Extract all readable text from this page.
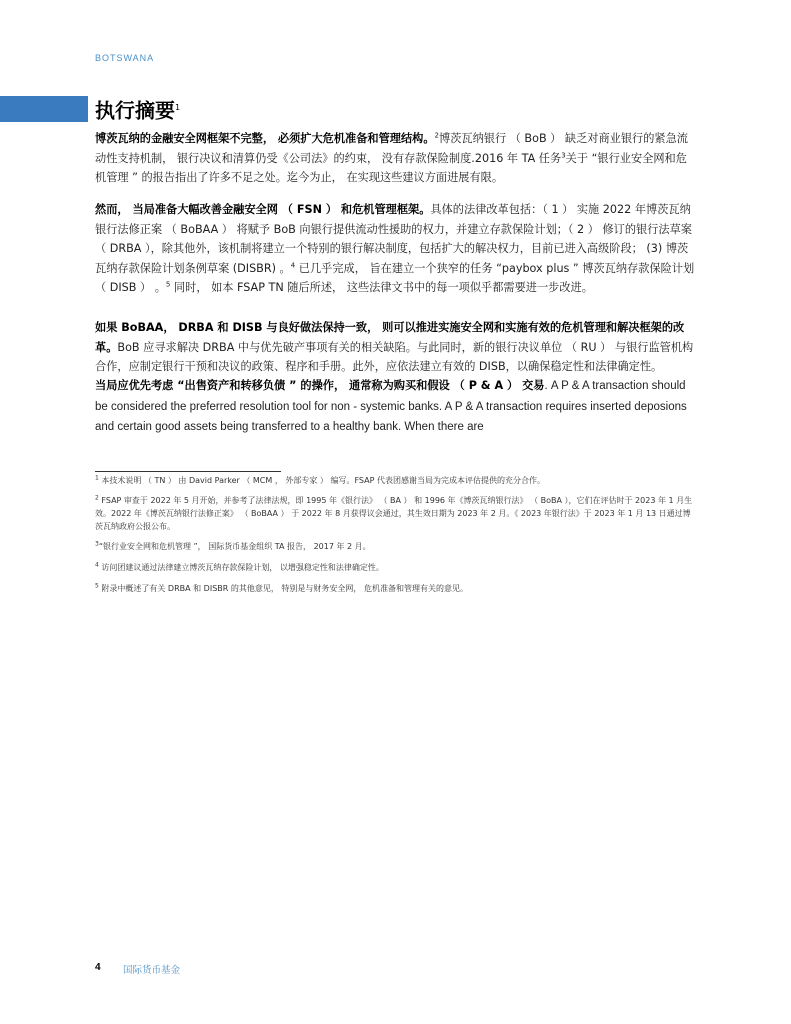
BOTSWANA
执行摘要$^1$

博茨瓦纳的金融安全网框架不完整， 必须扩大危机准备和管理结构。$^2$博茨瓦纳银行 （ BoB ） 缺乏对商业银行的紧急流动性支持机制， 银行决议和清算仍受《公司法》的约束， 没有存款保险制度.2016 年 TA 任务$^3$关于 “银行业安全网和危机管理 ” 的报告指出了许多不足之处。迄今为止， 在实现这些建议方面进展有限。

然而， 当局准备大幅改善金融安全网 （ FSN ） 和危机管理框架。具体的法律改革包括：（ 1 ） 实施 2022 年博茨瓦纳银行法修正案 （ BoBAA ） 将赋予 BoB 向银行提供流动性援助的权力，并建立存款保险计划；（ 2 ） 修订的银行法草案 （ DRBA ），除其他外，该机制将建立一个特别的银行解决制度，包括扩大的解决权力，目前已进入高级阶段； (3) 博茨瓦纳存款保险计划条例草案 (DISBR) 。$^4$ 已几乎完成， 旨在建立一个狭窄的任务 “paybox plus ” 博茨瓦纳存款保险计划 （ DISB ） 。$^5$ 同时， 如本 FSAP TN 随后所述， 这些法律文书中的每一项似乎都需要进一步改进。

如果 BoBAA， DRBA 和 DISB 与良好做法保持一致， 则可以推进实施安全网和实施有效的危机管理和解决框架的改革。BoB 应寻求解决 DRBA 中与优先破产事项有关的相关缺陷。与此同时，新的银行决议单位 （ RU ） 与银行监管机构合作，应制定银行干预和决议的政策、程序和手册。此外，应依法建立有效的 DISB，以确保稳定性和法律确定性。

当局应优先考虑 “出售资产和转移负债 ” 的操作， 通常称为购买和假设 （ P & A ） 交易. A P & A transaction should be considered the preferred resolution tool for non - systemic banks. A P & A transaction requires inserted deposions and certain good assets being transferred to a healthy bank. When there are

$^1$ 本技术说明 （ TN ） 由 David Parker （ MCM ， 外部专家 ） 编写。FSAP 代表团感谢当局为完成本评估提供的充分合作。

$^2$ FSAP 审查于 2022 年 5 月开始，并参考了法律法规，即 1995 年《银行法》 （ BA ） 和 1996 年《博茨瓦纳银行法》 （ BoBA ），它们在评估时于 2023 年 1 月生效。2022 年《博茨瓦纳银行法修正案》 （ BoBAA ） 于 2022 年 8 月获得议会通过，其生效日期为 2023 年 2 月。《 2023 年银行法》于 2023 年 1 月 13 日通过博茨瓦纳政府公报公布。

$^3$“银行业安全网和危机管理 ”， 国际货币基金组织 TA 报告， 2017 年 2 月。

$^4$ 访问团建议通过法律建立博茨瓦纳存款保险计划， 以增强稳定性和法律确定性。

$^5$ 附录中概述了有关 DRBA 和 DISBR 的其他意见， 特别是与财务安全网， 危机准备和管理有关的意见。

4 国际货币基金
